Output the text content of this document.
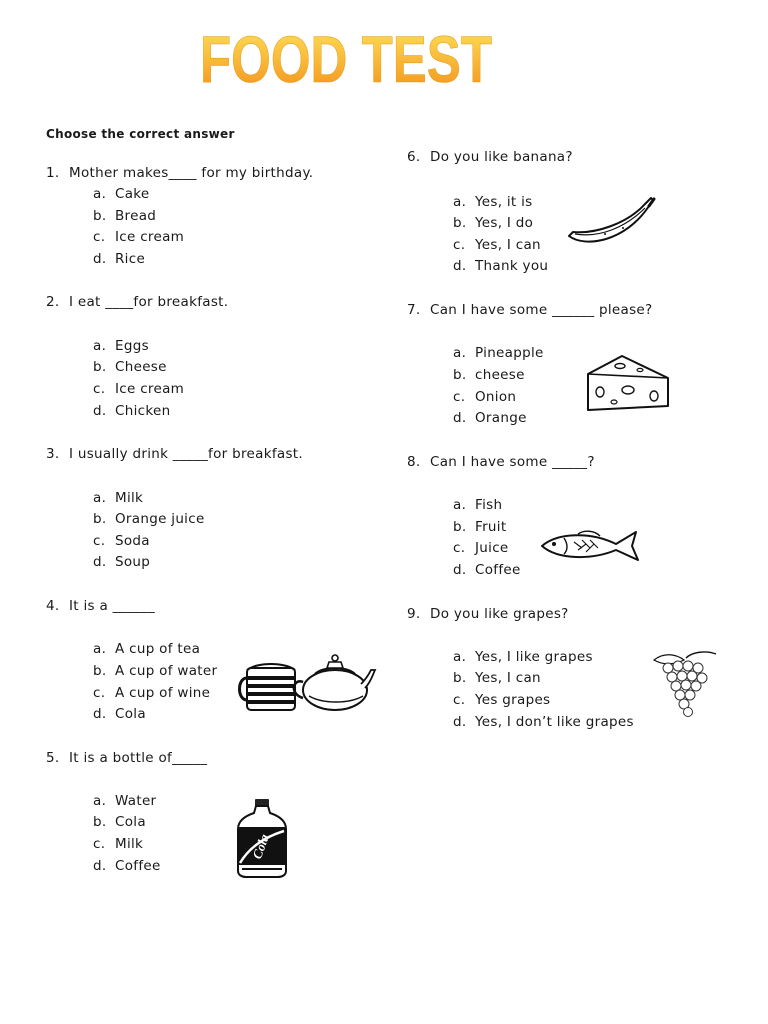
FOOD TEST
Choose the correct answer
1. Mother makes____ for my birthday.
a. Cake
b. Bread
c. Ice cream
d. Rice
2. I eat ____for breakfast.
a. Eggs
b. Cheese
c. Ice cream
d. Chicken
3. I usually drink _____for breakfast.
a. Milk
b. Orange juice
c. Soda
d. Soup
4. It is a ______
a. A cup of tea
b. A cup of water
c. A cup of wine
d. Cola
5. It is a bottle of_____
a. Water
b. Cola
c. Milk
d. Coffee
6. Do you like banana?
a. Yes, it is
b. Yes, I do
c. Yes, I can
d. Thank you
7. Can I have some ______ please?
a. Pineapple
b. cheese
c. Onion
d. Orange
8. Can I have some _____?
a. Fish
b. Fruit
c. Juice
d. Coffee
9. Do you like grapes?
a. Yes, I like grapes
b. Yes, I can
c. Yes grapes
d. Yes, I don’t like grapes
Cola
